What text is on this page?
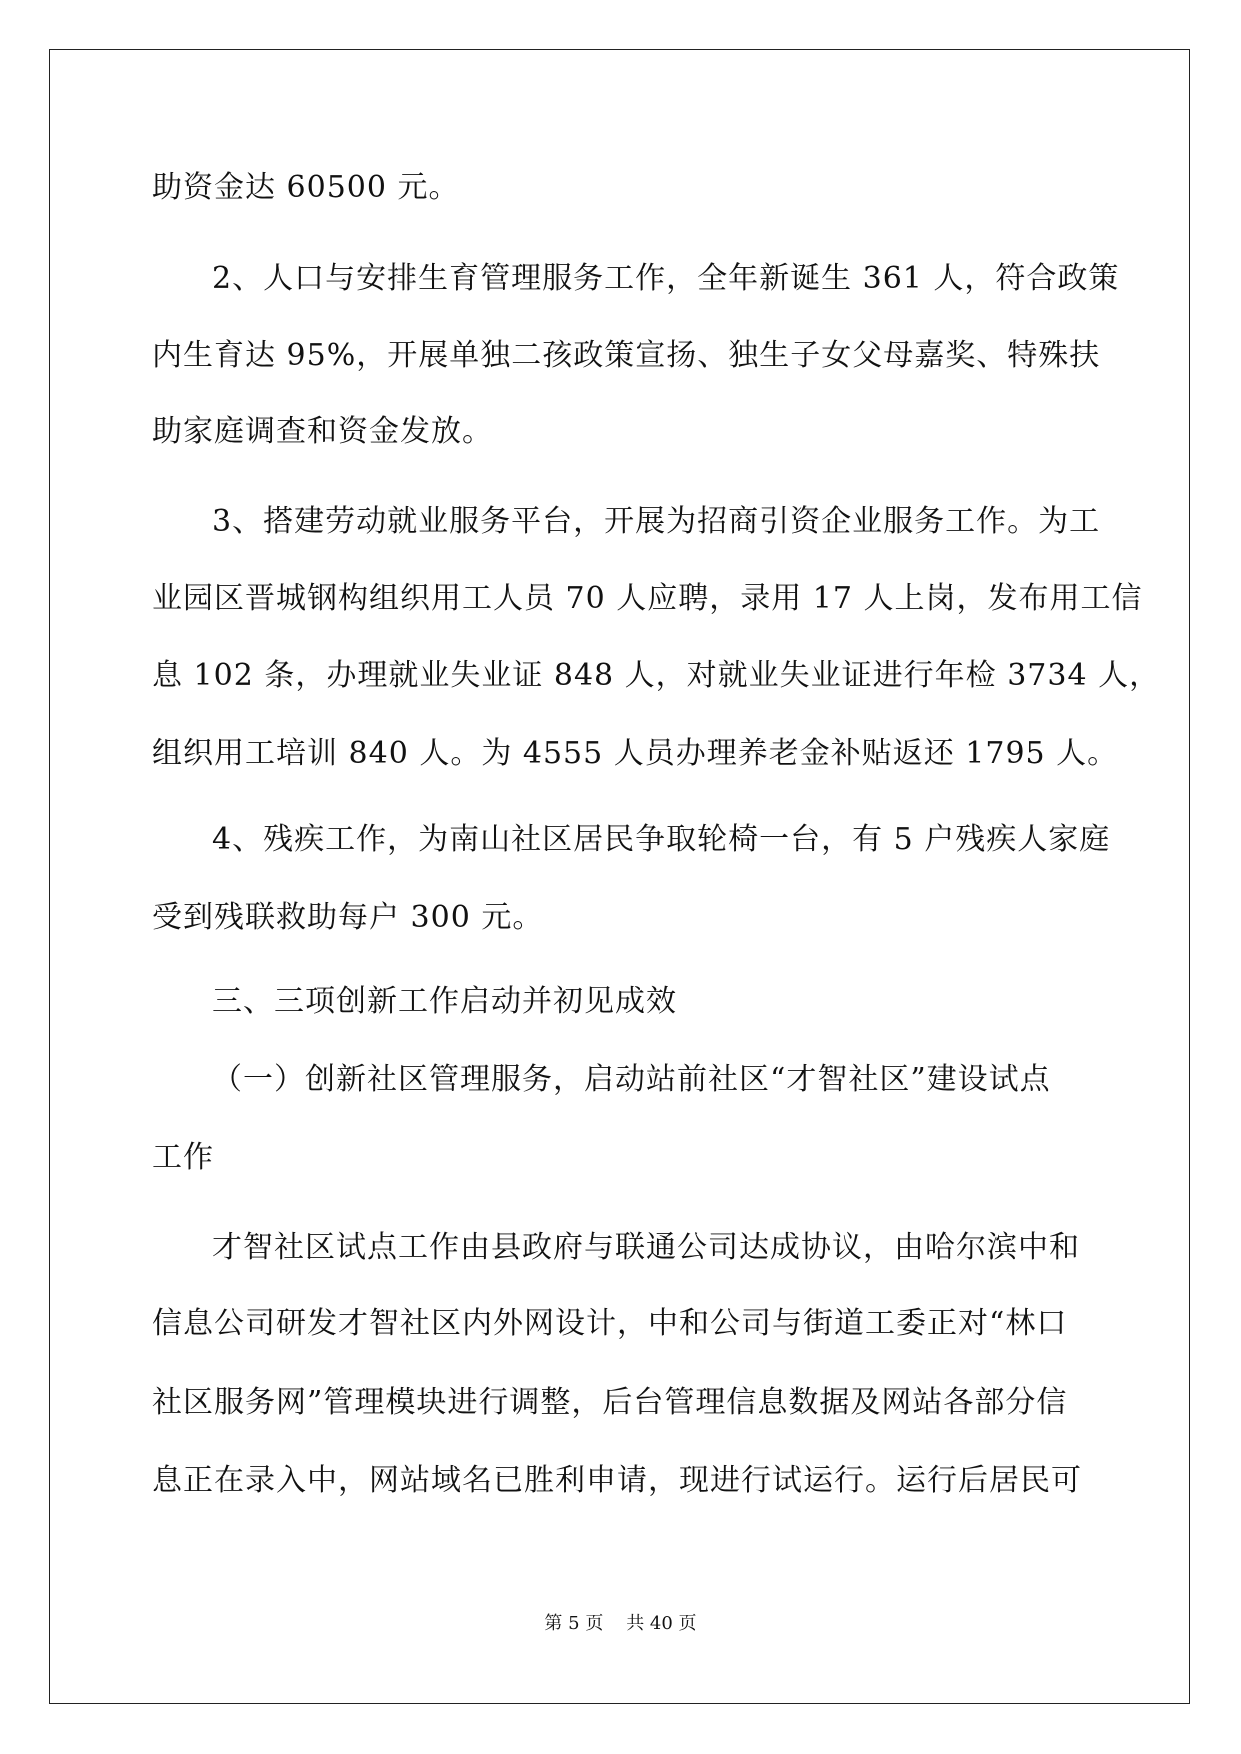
助资金达 60500 元。
2、人口与安排生育管理服务工作，全年新诞生 361 人，符合政策
内生育达 95%，开展单独二孩政策宣扬、独生子女父母嘉奖、特殊扶
助家庭调查和资金发放。
3、搭建劳动就业服务平台，开展为招商引资企业服务工作。为工
业园区晋城钢构组织用工人员 70 人应聘，录用 17 人上岗，发布用工信
息 102 条，办理就业失业证 848 人，对就业失业证进行年检 3734 人，
组织用工培训 840 人。为 4555 人员办理养老金补贴返还 1795 人。
4、残疾工作，为南山社区居民争取轮椅一台，有 5 户残疾人家庭
受到残联救助每户 300 元。
三、三项创新工作启动并初见成效
（一）创新社区管理服务，启动站前社区“才智社区”建设试点
工作
才智社区试点工作由县政府与联通公司达成协议，由哈尔滨中和
信息公司研发才智社区内外网设计，中和公司与街道工委正对“林口
社区服务网”管理模块进行调整，后台管理信息数据及网站各部分信
息正在录入中，网站域名已胜利申请，现进行试运行。运行后居民可
第 5 页    共 40 页
